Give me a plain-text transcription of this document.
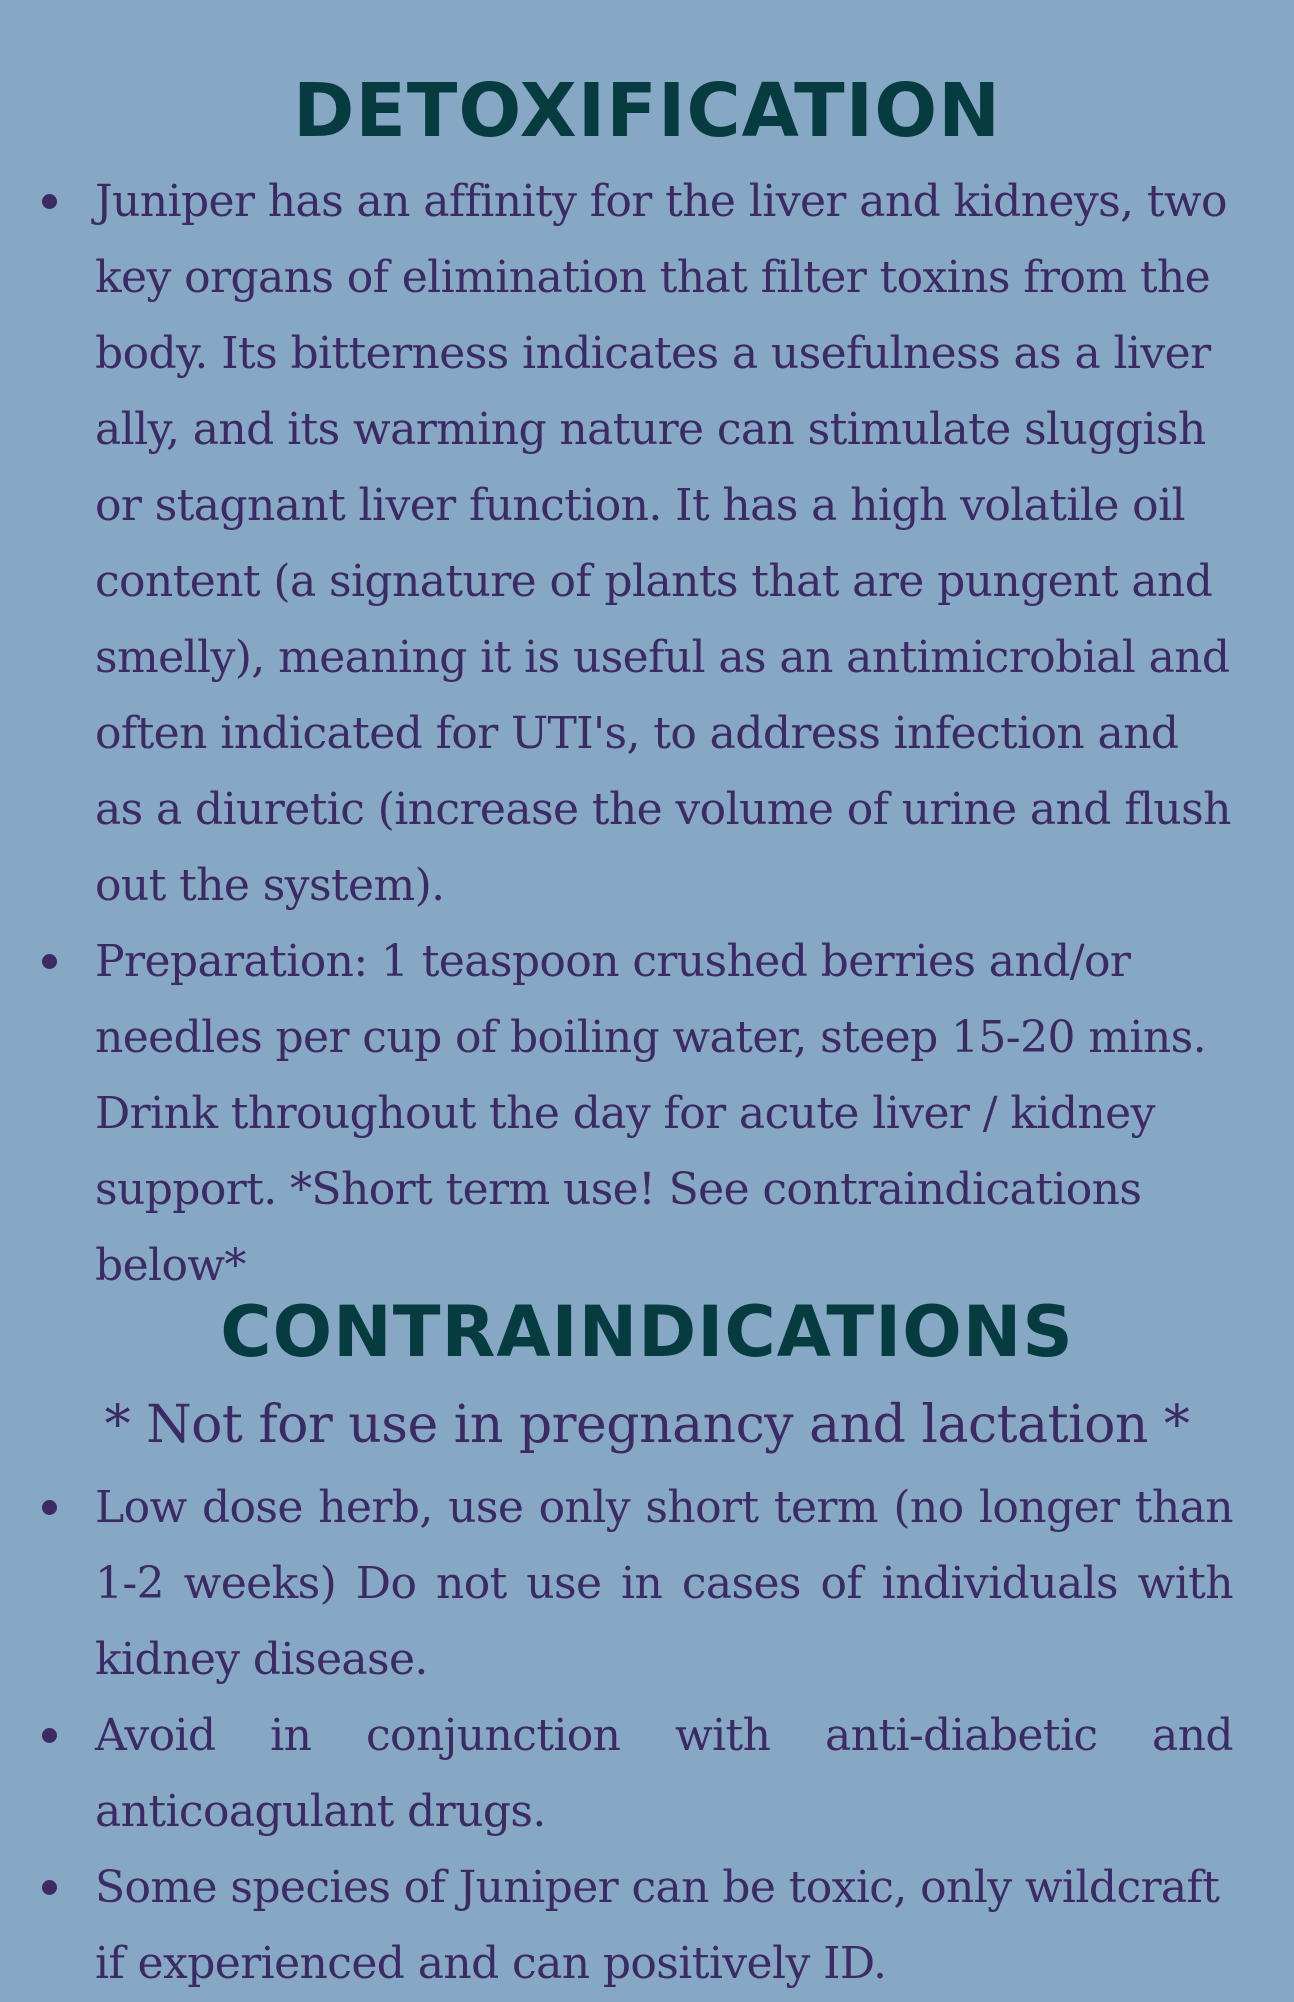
DETOXIFICATION
Juniper has an affinity for the liver and kidneys, two key organs of elimination that filter toxins from the body. Its bitterness indicates a usefulness as a liver ally, and its warming nature can stimulate sluggish or stagnant liver function. It has a high volatile oil content (a signature of plants that are pungent and smelly), meaning it is useful as an antimicrobial and often indicated for UTI's, to address infection and as a diuretic (increase the volume of urine and flush out the system).
Preparation: 1 teaspoon crushed berries and/or needles per cup of boiling water, steep 15-20 mins. Drink throughout the day for acute liver / kidney support. *Short term use! See contraindications below*
CONTRAINDICATIONS

* Not for use in pregnancy and lactation *

Low dose herb, use only short term (no longer than 1-2 weeks) Do not use in cases of individuals with kidney disease.
Avoid in conjunction with anti-diabetic and anticoagulant drugs.
Some species of Juniper can be toxic, only wildcraft if experienced and can positively ID.
